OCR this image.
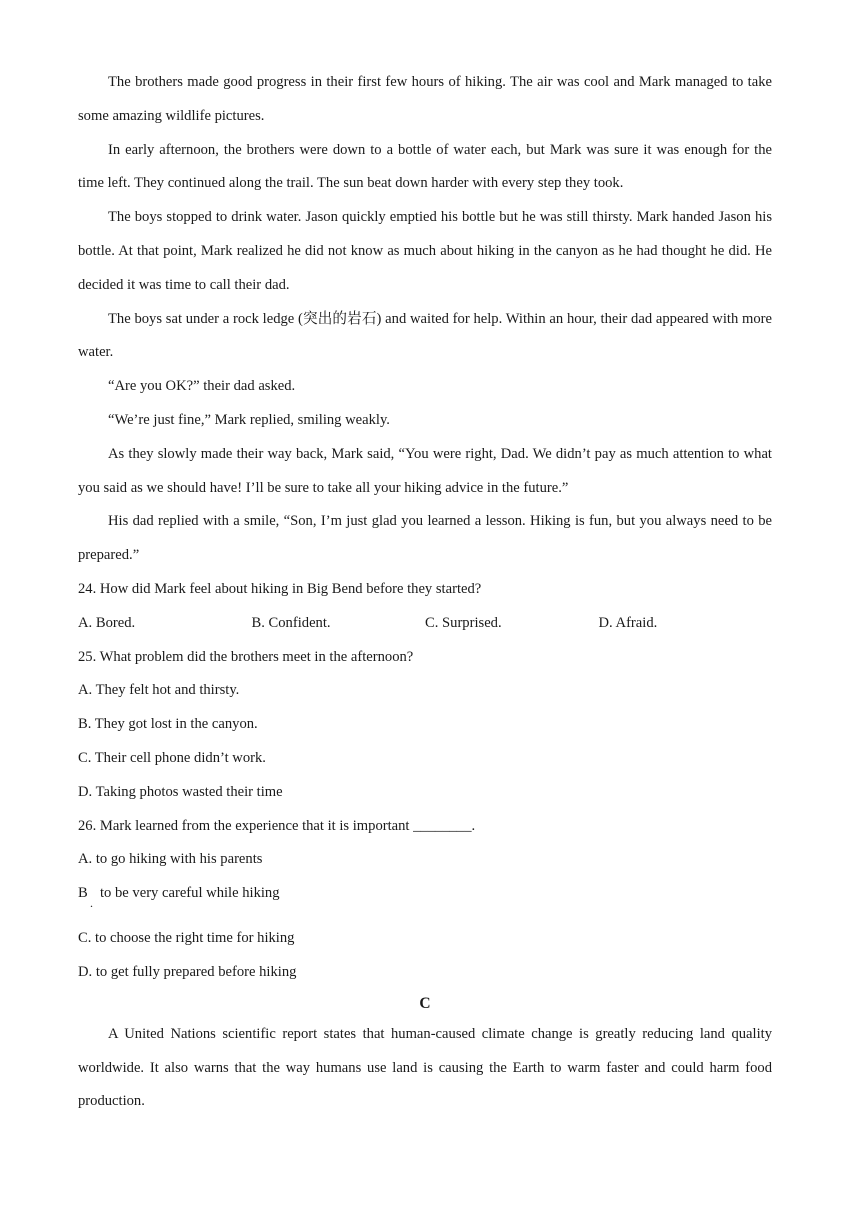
The brothers made good progress in their first few hours of hiking. The air was cool and Mark managed to take some amazing wildlife pictures.

In early afternoon, the brothers were down to a bottle of water each, but Mark was sure it was enough for the time left. They continued along the trail. The sun beat down harder with every step they took.

The boys stopped to drink water. Jason quickly emptied his bottle but he was still thirsty. Mark handed Jason his bottle. At that point, Mark realized he did not know as much about hiking in the canyon as he had thought he did. He decided it was time to call their dad.

The boys sat under a rock ledge (突出的岩石) and waited for help. Within an hour, their dad appeared with more water.

“Are you OK?” their dad asked.

“We’re just fine,” Mark replied, smiling weakly.

As they slowly made their way back, Mark said, “You were right, Dad. We didn’t pay as much attention to what you said as we should have! I’ll be sure to take all your hiking advice in the future.”

His dad replied with a smile, “Son, I’m just glad you learned a lesson. Hiking is fun, but you always need to be prepared.”

24. How did Mark feel about hiking in Big Bend before they started?

A. Bored.	B. Confident.	C. Surprised.	D. Afraid.

25. What problem did the brothers meet in the afternoon?

A. They felt hot and thirsty.

B. They got lost in the canyon.

C. Their cell phone didn’t work.

D. Taking photos wasted their time

26. Mark learned from the experience that it is important ________.

A. to go hiking with his parents

B
.
to be very careful while hiking

C. to choose the right time for hiking

D. to get fully prepared before hiking

C

A United Nations scientific report states that human-caused climate change is greatly reducing land quality worldwide. It also warns that the way humans use land is causing the Earth to warm faster and could harm food production.
